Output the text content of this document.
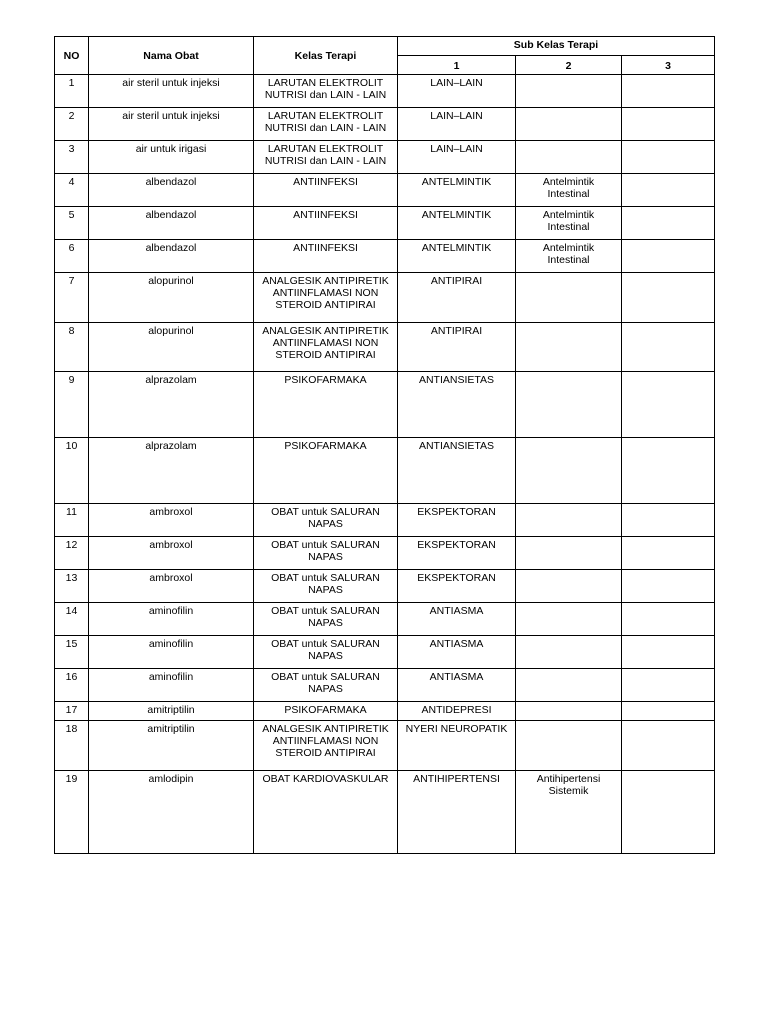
NO	Nama Obat	Kelas Terapi	Sub Kelas Terapi		
			1	2	3
1	air steril untuk injeksi	LARUTAN ELEKTROLIT
NUTRISI dan LAIN - LAIN	LAIN–LAIN		
2	air steril untuk injeksi	LARUTAN ELEKTROLIT
NUTRISI dan LAIN - LAIN	LAIN–LAIN		
3	air untuk irigasi	LARUTAN ELEKTROLIT
NUTRISI dan LAIN - LAIN	LAIN–LAIN		
4	albendazol	ANTIINFEKSI	ANTELMINTIK	Antelmintik
Intestinal	
5	albendazol	ANTIINFEKSI	ANTELMINTIK	Antelmintik
Intestinal	
6	albendazol	ANTIINFEKSI	ANTELMINTIK	Antelmintik
Intestinal	
7	alopurinol	ANALGESIK ANTIPIRETIK
ANTIINFLAMASI NON
STEROID ANTIPIRAI	ANTIPIRAI		
8	alopurinol	ANALGESIK ANTIPIRETIK
ANTIINFLAMASI NON
STEROID ANTIPIRAI	ANTIPIRAI		
9	alprazolam	PSIKOFARMAKA	ANTIANSIETAS		
10	alprazolam	PSIKOFARMAKA	ANTIANSIETAS		
11	ambroxol	OBAT untuk SALURAN
NAPAS	EKSPEKTORAN		
12	ambroxol	OBAT untuk SALURAN
NAPAS	EKSPEKTORAN		
13	ambroxol	OBAT untuk SALURAN
NAPAS	EKSPEKTORAN		
14	aminofilin	OBAT untuk SALURAN
NAPAS	ANTIASMA		
15	aminofilin	OBAT untuk SALURAN
NAPAS	ANTIASMA		
16	aminofilin	OBAT untuk SALURAN
NAPAS	ANTIASMA		
17	amitriptilin	PSIKOFARMAKA	ANTIDEPRESI		
18	amitriptilin	ANALGESIK ANTIPIRETIK
ANTIINFLAMASI NON
STEROID ANTIPIRAI	NYERI NEUROPATIK		
19	amlodipin	OBAT KARDIOVASKULAR	ANTIHIPERTENSI	Antihipertensi
Sistemik	
